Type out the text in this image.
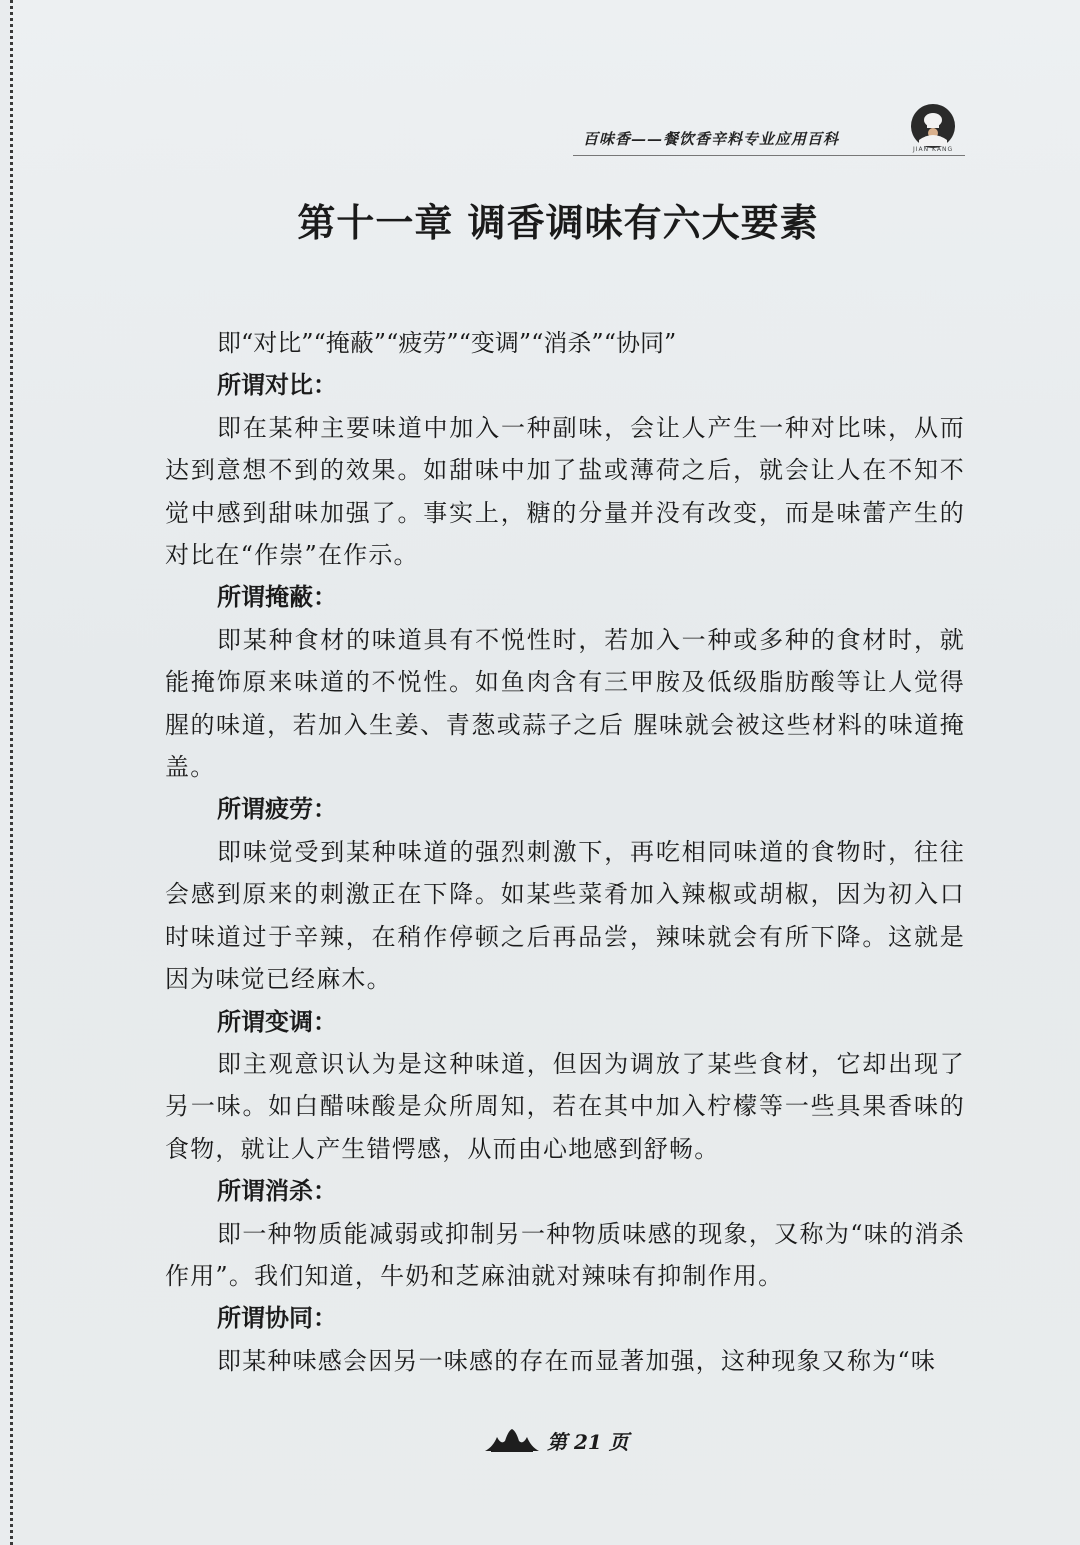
百味香——餐饮香辛料专业应用百科
JIAN KANG
第十一章 调香调味有六大要素

即“对比”“掩蔽”“疲劳”“变调”“消杀”“协同”

所谓对比：

即在某种主要味道中加入一种副味，会让人产生一种对比味，从而达到意想不到的效果。如甜味中加了盐或薄荷之后，就会让人在不知不觉中感到甜味加强了。事实上，糖的分量并没有改变，而是味蕾产生的对比在“作崇”在作示。

所谓掩蔽：

即某种食材的味道具有不悦性时，若加入一种或多种的食材时，就能掩饰原来味道的不悦性。如鱼肉含有三甲胺及低级脂肪酸等让人觉得腥的味道，若加入生姜、青葱或蒜子之后 腥味就会被这些材料的味道掩盖。

所谓疲劳：

即味觉受到某种味道的强烈刺激下，再吃相同味道的食物时，往往会感到原来的刺激正在下降。如某些菜肴加入辣椒或胡椒，因为初入口时味道过于辛辣，在稍作停顿之后再品尝，辣味就会有所下降。这就是因为味觉已经麻木。

所谓变调：

即主观意识认为是这种味道，但因为调放了某些食材，它却出现了另一味。如白醋味酸是众所周知，若在其中加入柠檬等一些具果香味的食物，就让人产生错愕感，从而由心地感到舒畅。

所谓消杀：

即一种物质能减弱或抑制另一种物质味感的现象，又称为“味的消杀作用”。我们知道，牛奶和芝麻油就对辣味有抑制作用。

所谓协同：

即某种味感会因另一味感的存在而显著加强，这种现象又称为“味

第 21 页
